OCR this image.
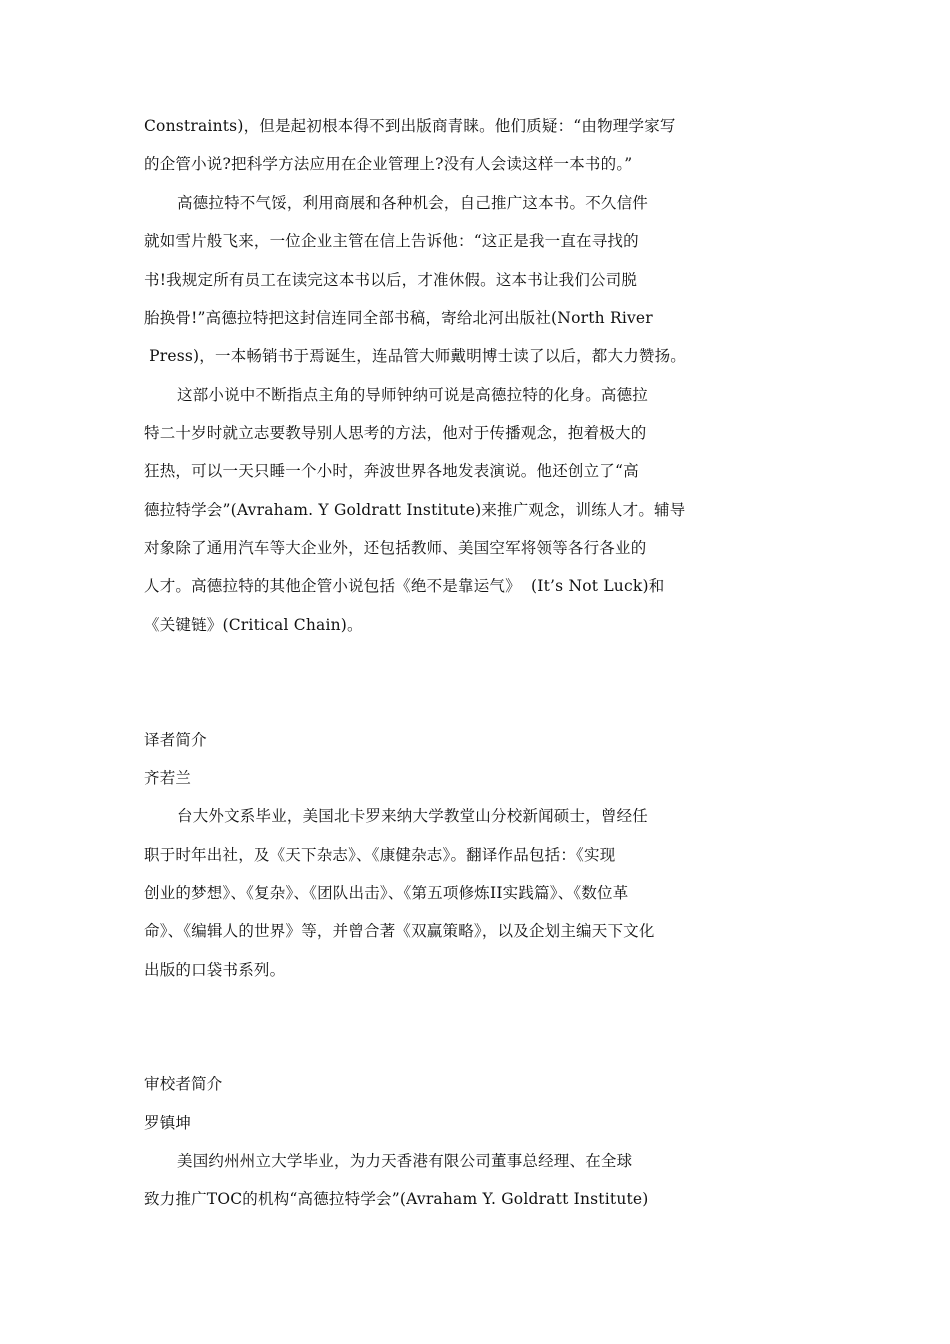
Constraints)，但是起初根本得不到出版商青睐。他们质疑：“由物理学家写
的企管小说?把科学方法应用在企业管理上?没有人会读这样一本书的。”
高德拉特不气馁，利用商展和各种机会，自己推广这本书。不久信件
就如雪片般飞来，一位企业主管在信上告诉他：“这正是我一直在寻找的
书!我规定所有员工在读完这本书以后，才准休假。这本书让我们公司脱
胎换骨!”高德拉特把这封信连同全部书稿，寄给北河出版社(North River
Press)，一本畅销书于焉诞生，连品管大师戴明博士读了以后，都大力赞扬。
这部小说中不断指点主角的导师钟纳可说是高德拉特的化身。高德拉
特二十岁时就立志要教导别人思考的方法，他对于传播观念，抱着极大的
狂热，可以一天只睡一个小时，奔波世界各地发表演说。他还创立了“高
德拉特学会”(Avraham. Y Goldratt Institute)来推广观念，训练人才。辅导
对象除了通用汽车等大企业外，还包括教师、美国空军将领等各行各业的
人才。高德拉特的其他企管小说包括《绝不是靠运气》  (It’s Not Luck)和
《关键链》(Critical Chain)。
译者简介
齐若兰
台大外文系毕业，美国北卡罗来纳大学教堂山分校新闻硕士，曾经任
职于时年出社，及《天下杂志》、《康健杂志》。翻译作品包括：《实现
创业的梦想》、《复杂》、《团队出击》、《第五项修炼II实践篇》、《数位革
命》、《编辑人的世界》等，并曾合著《双赢策略》，以及企划主编天下文化
出版的口袋书系列。
审校者简介
罗镇坤
美国约州州立大学毕业，为力天香港有限公司董事总经理、在全球
致力推广TOC的机构“高德拉特学会”(Avraham Y. Goldratt Institute)
